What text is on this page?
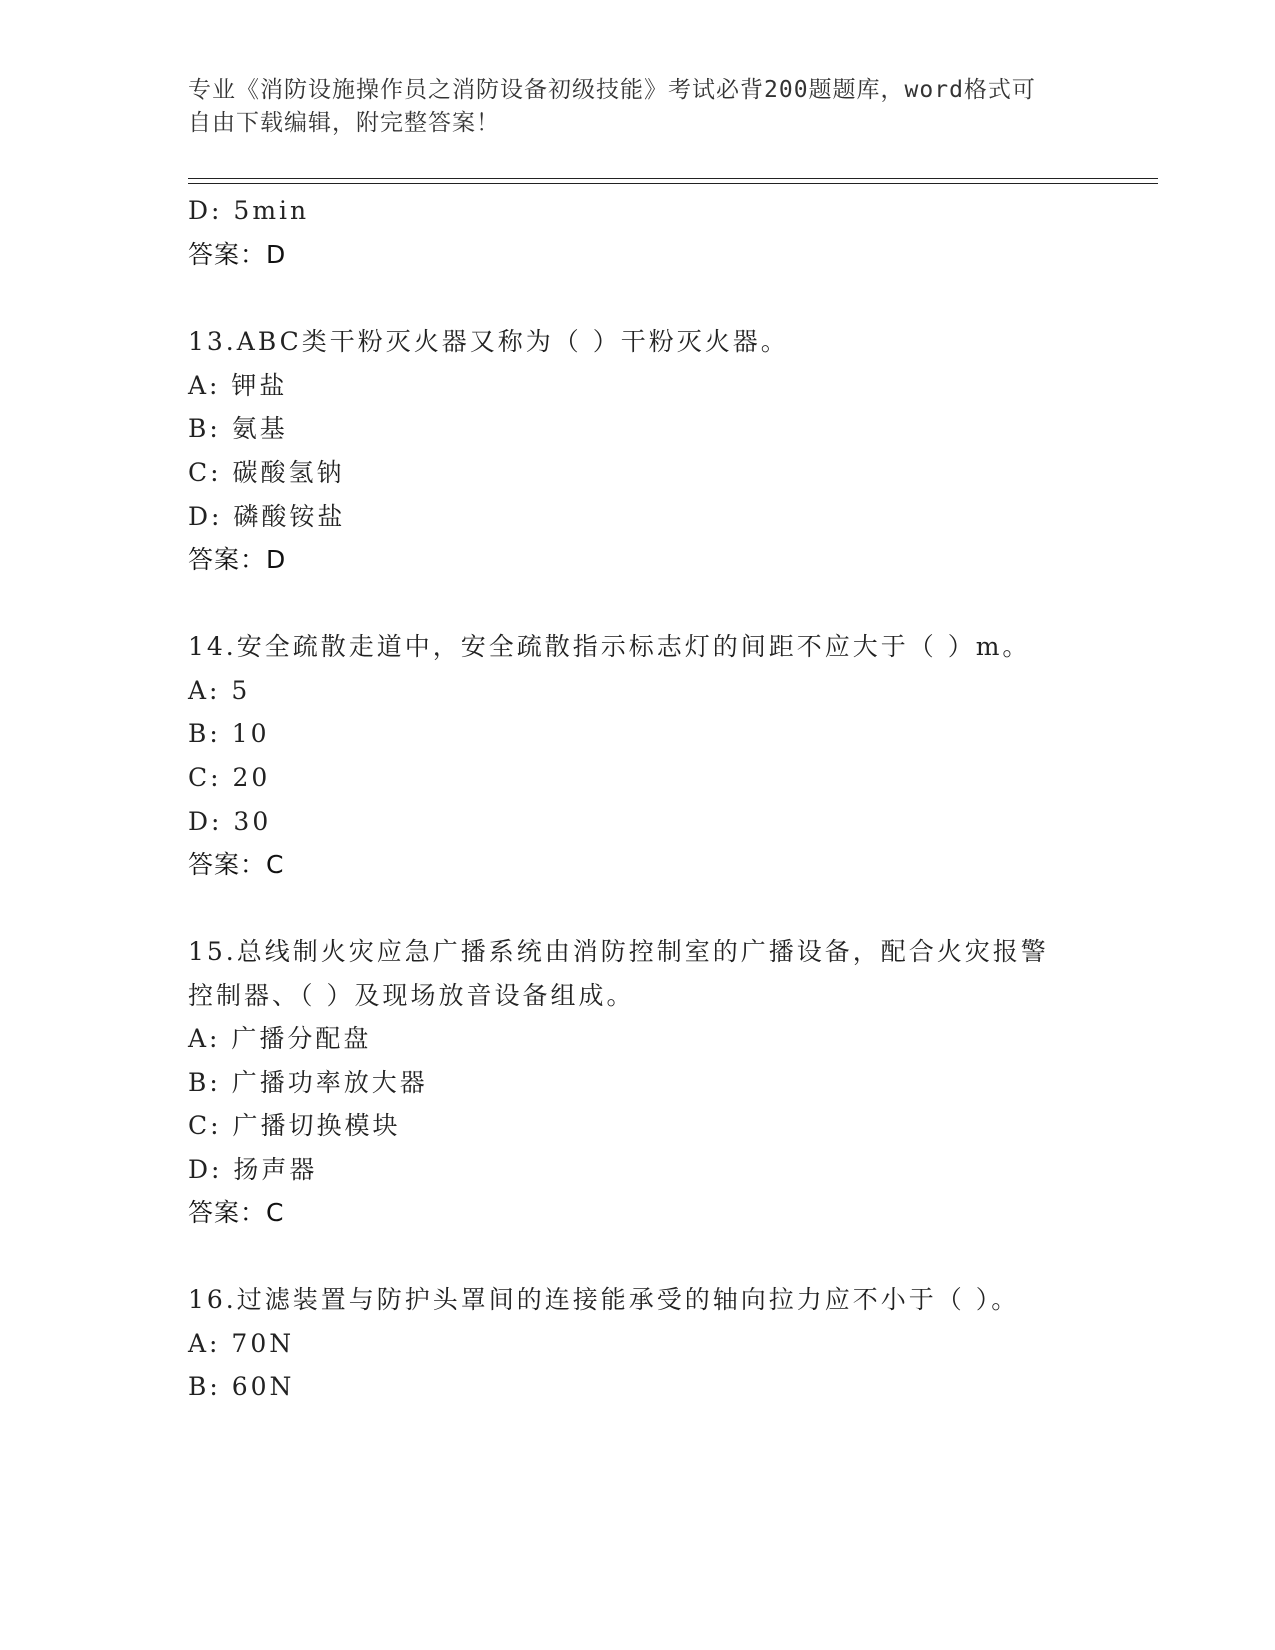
专业《消防设施操作员之消防设备初级技能》考试必背200题题库，word格式可
自由下载编辑，附完整答案！
D: 5min
答案：D
13.ABC类干粉灭火器又称为（ ）干粉灭火器。
A: 钾盐
B: 氨基
C: 碳酸氢钠
D: 磷酸铵盐
答案：D
14.安全疏散走道中，安全疏散指示标志灯的间距不应大于（ ）m。
A: 5
B: 10
C: 20
D: 30
答案：C
15.总线制火灾应急广播系统由消防控制室的广播设备，配合火灾报警
控制器、（ ）及现场放音设备组成。
A: 广播分配盘
B: 广播功率放大器
C: 广播切换模块
D: 扬声器
答案：C
16.过滤装置与防护头罩间的连接能承受的轴向拉力应不小于（ ）。
A: 70N
B: 60N
